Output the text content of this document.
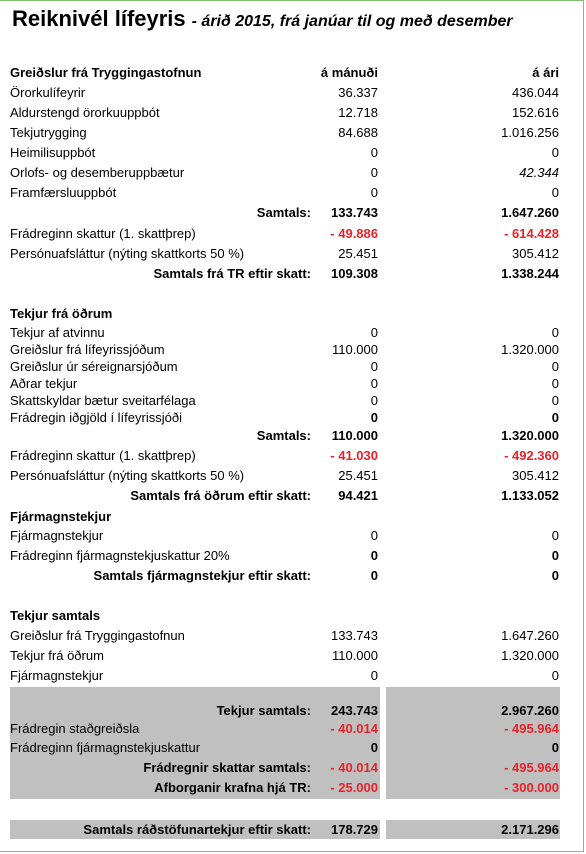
Reiknivél lífeyris - árið 2015, frá janúar til og með desember
Greiðslur frá Tryggingastofnun	á mánuði	á ári
Örorkulífeyrir	36.337	436.044
Aldurstengd örorkuuppbót	12.718	152.616
Tekjutrygging	84.688	1.016.256
Heimilisuppbót	0	0
Orlofs- og desemberuppbætur	0	42.344
Framfærsluuppbót	0	0
Samtals: 133.743	1.647.260
Frádreginn skattur (1. skattþrep)	- 49.886	- 614.428
Persónuafsláttur (nýting skattkorts 50 %)	25.451	305.412
Samtals frá TR eftir skatt: 109.308	1.338.244
Tekjur frá öðrum
Tekjur af atvinnu	0	0
Greiðslur frá lífeyrissjóðum	110.000	1.320.000
Greiðslur úr séreignarsjóðum	0	0
Aðrar tekjur	0	0
Skattskyldar bætur sveitarfélaga	0	0
Frádregin iðgjöld í lífeyrissjóði	0	0
Samtals: 110.000	1.320.000
Frádreginn skattur (1. skattþrep)	- 41.030	- 492.360
Persónuafsláttur (nýting skattkorts 50 %)	25.451	305.412
Samtals frá öðrum eftir skatt: 94.421	1.133.052
Fjármagnstekjur
Fjármagnstekjur	0	0
Frádreginn fjármagnstekjuskattur 20%	0	0
Samtals fjármagnstekjur eftir skatt:	0	0
Tekjur samtals
Greiðslur frá Tryggingastofnun	133.743	1.647.260
Tekjur frá öðrum	110.000	1.320.000
Fjármagnstekjur	0	0
Tekjur samtals: 243.743	2.967.260
Frádregin staðgreiðsla	- 40.014	- 495.964
Frádreginn fjármagnstekjuskattur	0	0
Frádregnir skattar samtals: - 40.014	- 495.964
Afborganir krafna hjá TR: - 25.000	- 300.000
Samtals ráðstöfunartekjur eftir skatt: 178.729	2.171.296
